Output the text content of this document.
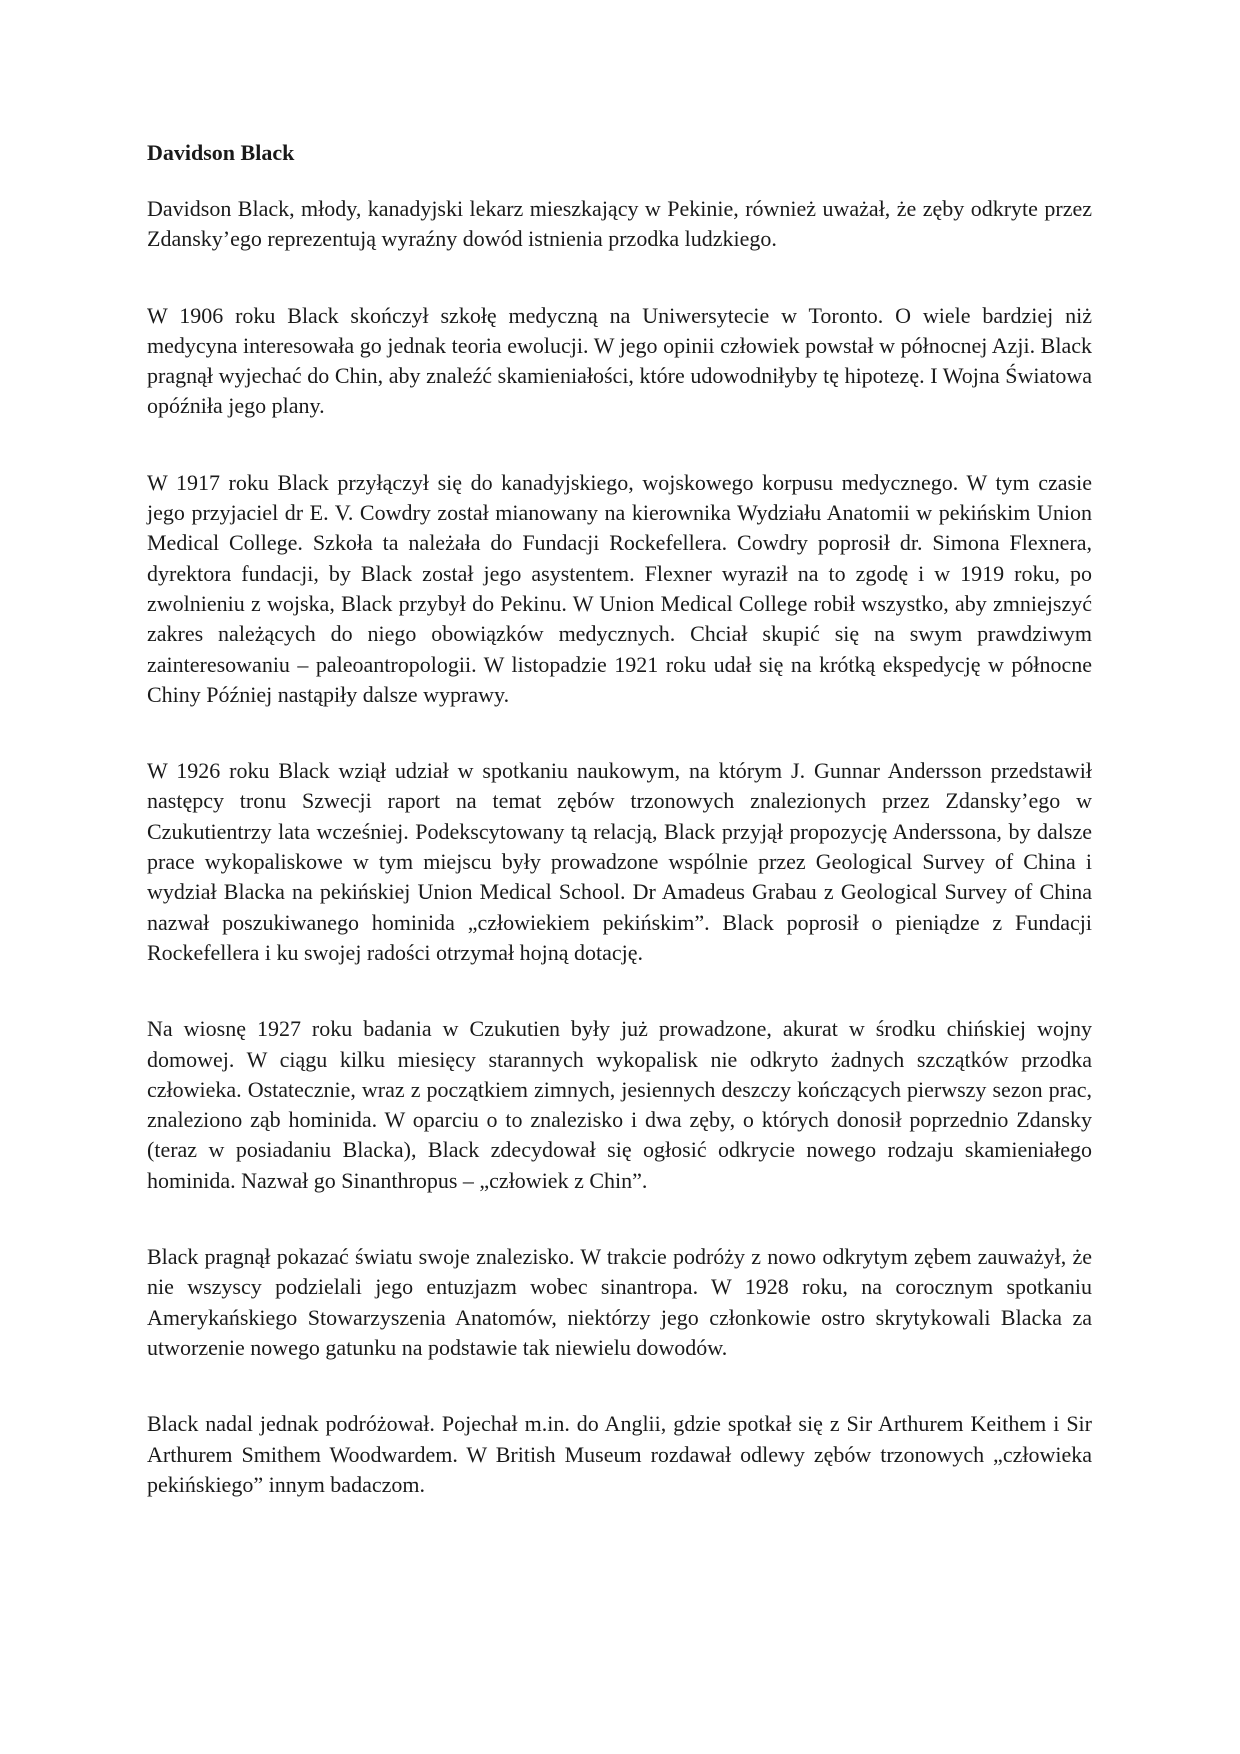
Davidson Black

Davidson Black, młody, kanadyjski lekarz mieszkający w Pekinie, również uważał, że zęby odkryte przez Zdansky’ego reprezentują wyraźny dowód istnienia przodka ludzkiego.

W 1906 roku Black skończył szkołę medyczną na Uniwersytecie w Toronto. O wiele bardziej niż medycyna interesowała go jednak teoria ewolucji. W jego opinii człowiek powstał w północnej Azji. Black pragnął wyjechać do Chin, aby znaleźć skamieniałości, które udowodniłyby tę hipotezę. I Wojna Światowa opóźniła jego plany.

W 1917 roku Black przyłączył się do kanadyjskiego, wojskowego korpusu medycznego. W tym czasie jego przyjaciel dr E. V. Cowdry został mianowany na kierownika Wydziału Anatomii w pekińskim Union Medical College. Szkoła ta należała do Fundacji Rockefellera. Cowdry poprosił dr. Simona Flexnera, dyrektora fundacji, by Black został jego asystentem. Flexner wyraził na to zgodę i w 1919 roku, po zwolnieniu z wojska, Black przybył do Pekinu. W Union Medical College robił wszystko, aby zmniejszyć zakres należących do niego obowiązków medycznych. Chciał skupić się na swym prawdziwym zainteresowaniu – paleoantropologii. W listopadzie 1921 roku udał się na krótką ekspedycję w północne Chiny Później nastąpiły dalsze wyprawy.

W 1926 roku Black wziął udział w spotkaniu naukowym, na którym J. Gunnar Andersson przedstawił następcy tronu Szwecji raport na temat zębów trzonowych znalezionych przez Zdansky’ego w Czukutientrzy lata wcześniej. Podekscytowany tą relacją, Black przyjął propozycję Anderssona, by dalsze prace wykopaliskowe w tym miejscu były prowadzone wspólnie przez Geological Survey of China i wydział Blacka na pekińskiej Union Medical School. Dr Amadeus Grabau z Geological Survey of China nazwał poszukiwanego hominida „człowiekiem pekińskim”. Black poprosił o pieniądze z Fundacji Rockefellera i ku swojej radości otrzymał hojną dotację.

Na wiosnę 1927 roku badania w Czukutien były już prowadzone, akurat w środku chińskiej wojny domowej. W ciągu kilku miesięcy starannych wykopalisk nie odkryto żadnych szczątków przodka człowieka. Ostatecznie, wraz z początkiem zimnych, jesiennych deszczy kończących pierwszy sezon prac, znaleziono ząb hominida. W oparciu o to znalezisko i dwa zęby, o których donosił poprzednio Zdansky (teraz w posiadaniu Blacka), Black zdecydował się ogłosić odkrycie nowego rodzaju skamieniałego hominida. Nazwał go Sinanthropus – „człowiek z Chin”.

Black pragnął pokazać światu swoje znalezisko. W trakcie podróży z nowo odkrytym zębem zauważył, że nie wszyscy podzielali jego entuzjazm wobec sinantropa. W 1928 roku, na corocznym spotkaniu Amerykańskiego Stowarzyszenia Anatomów, niektórzy jego członkowie ostro skrytykowali Blacka za utworzenie nowego gatunku na podstawie tak niewielu dowodów.

Black nadal jednak podróżował. Pojechał m.in. do Anglii, gdzie spotkał się z Sir Arthurem Keithem i Sir Arthurem Smithem Woodwardem. W British Museum rozdawał odlewy zębów trzonowych „człowieka pekińskiego” innym badaczom.
